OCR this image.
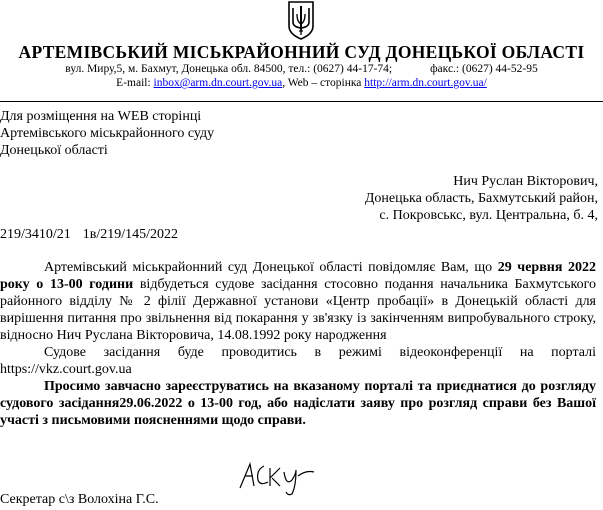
АРТЕМІВСЬКИЙ МІСЬКРАЙОННИЙ СУД ДОНЕЦЬКОЇ ОБЛАСТІ
вул. Миру,5, м. Бахмут, Донецька обл. 84500, тел.: (0627) 44-17-74;	факс.: (0627) 44-52-95
E-mail: inbox@arm.dn.court.gov.ua, Web – сторінка http://arm.dn.court.gov.ua/
Для розміщення на WEB сторінці
Артемівського міськрайонного суду
Донецької області
Нич Руслан Вікторович,
Донецька область, Бахмутський район,
с. Покровськс, вул. Центральна, б. 4,
219/3410/21 1в/219/145/2022

Артемівський міськрайонний суд Донецької області повідомляє Вам, що 29 червня 2022 року о 13-00 години відбудеться судове засідання стосовно подання начальника Бахмутського районного відділу № 2 філії Державної установи «Центр пробації» в Донецькій області для вирішення питання про звільнення від покарання у зв'язку із закінченням випробувального строку, відносно Нич Руслана Вікторовича, 14.08.1992 року народження

Судове засідання буде проводитись в режимі відеоконференції на порталі https://vkz.court.gov.ua

Просимо завчасно зареєструватись на вказаному порталі та приєднатися до розгляду судового засідання29.06.2022 о 13-00 год, або надіслати заяву про розгляд справи без Вашої участі з письмовими поясненнями щодо справи.

Секретар с\з Волохіна Г.С.
